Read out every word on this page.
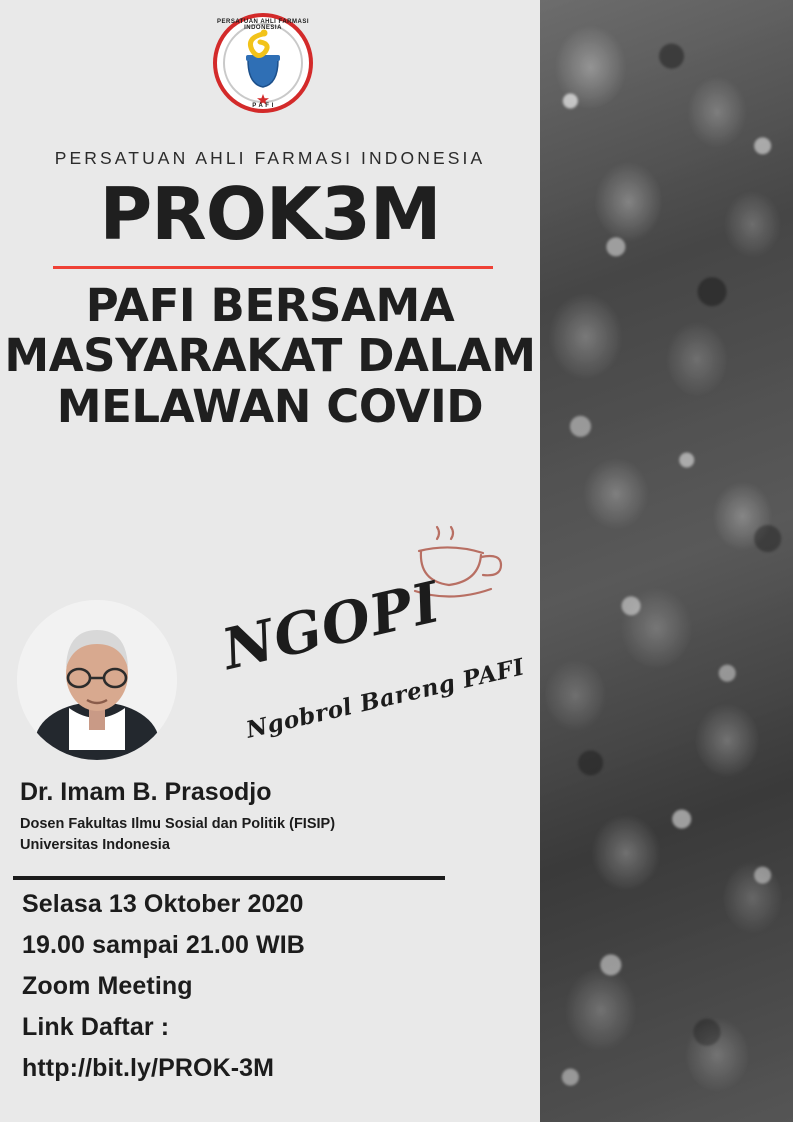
PERSATUAN AHLI FARMASI INDONESIA
P A F I
PERSATUAN AHLI FARMASI INDONESIA
PROK3M
PAFI BERSAMA
MASYARAKAT DALAM
MELAWAN COVID
NGOPI
Ngobrol Bareng PAFI
Dr. Imam B. Prasodjo
Dosen Fakultas Ilmu Sosial dan Politik (FISIP)
Universitas Indonesia
Selasa 13 Oktober 2020
19.00 sampai 21.00 WIB
Zoom Meeting
Link Daftar :
http://bit.ly/PROK-3M
